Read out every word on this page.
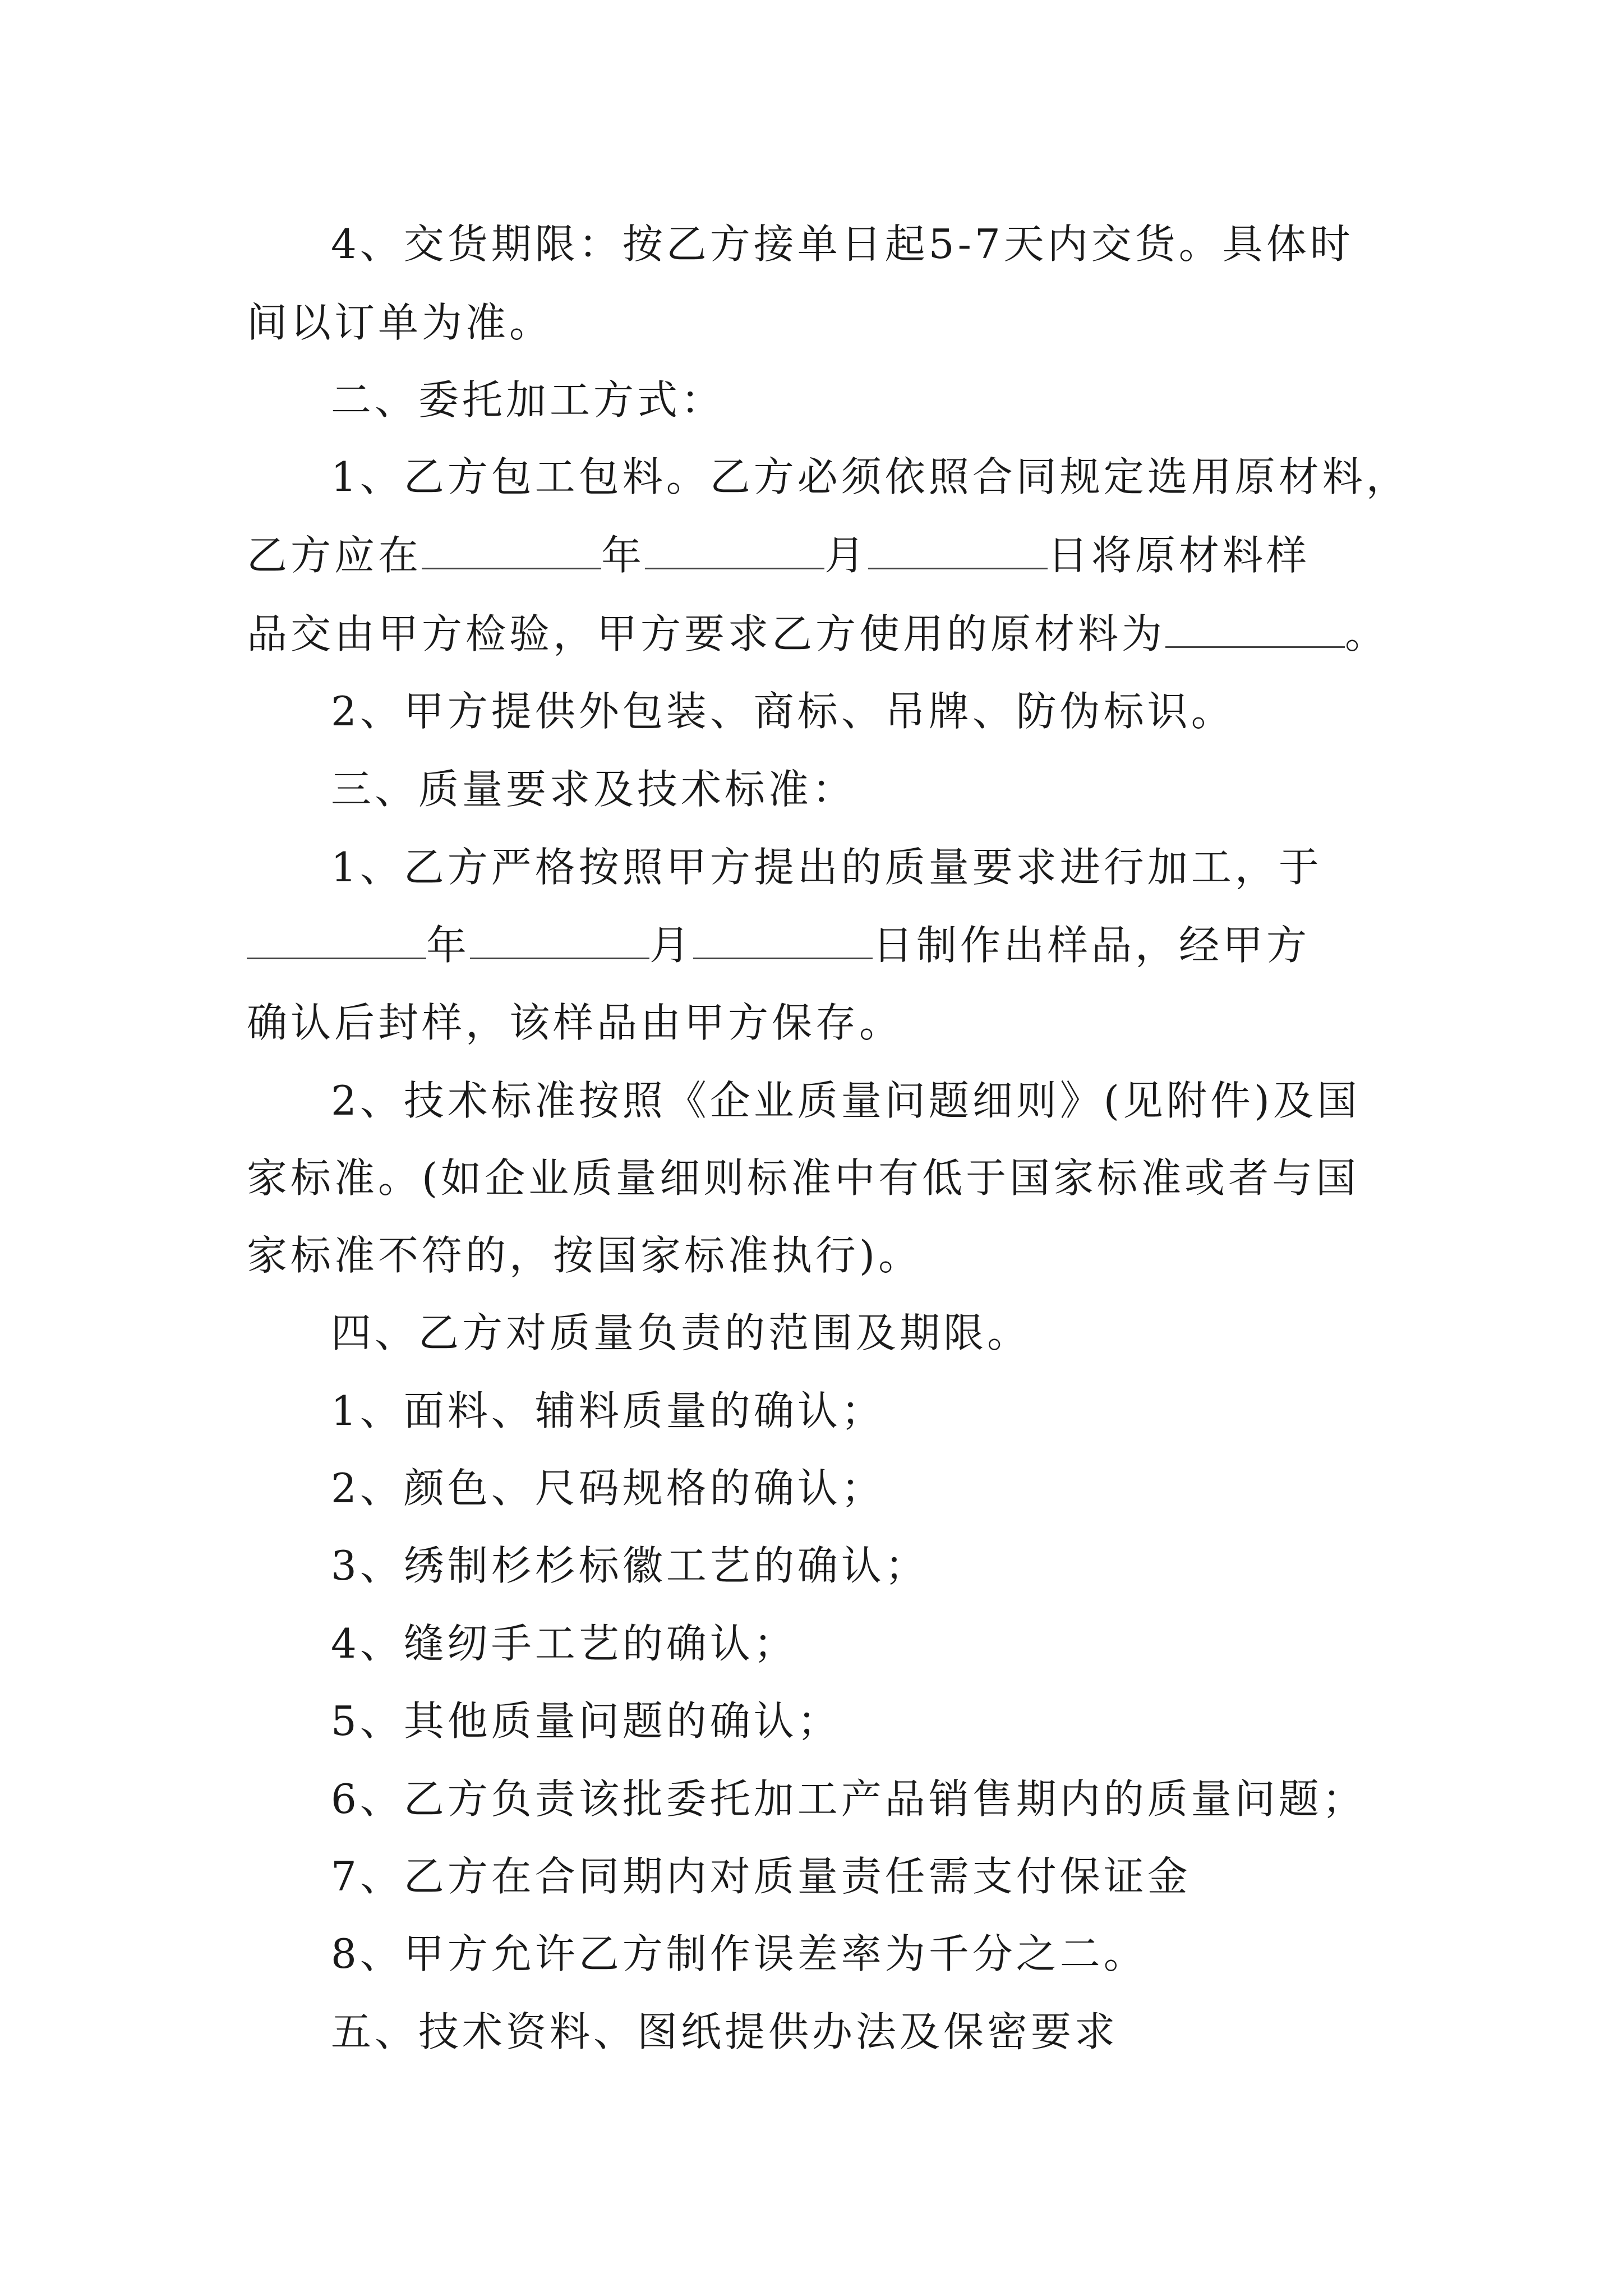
4、交货期限：按乙方接单日起5-7天内交货。具体时
间以订单为准。
二、委托加工方式：
1、乙方包工包料。乙方必须依照合同规定选用原材料，
乙方应在	年	月	日将原材料样
品交由甲方检验，甲方要求乙方使用的原材料为	。
2、甲方提供外包装、商标、吊牌、防伪标识。
三、质量要求及技术标准：
1、乙方严格按照甲方提出的质量要求进行加工，于
年	月	日制作出样品，经甲方
确认后封样，该样品由甲方保存。
2、技术标准按照《企业质量问题细则》(见附件)及国
家标准。(如企业质量细则标准中有低于国家标准或者与国
家标准不符的，按国家标准执行)。
四、乙方对质量负责的范围及期限。
1、面料、辅料质量的确认；
2、颜色、尺码规格的确认；
3、绣制杉杉标徽工艺的确认；
4、缝纫手工艺的确认；
5、其他质量问题的确认；
6、乙方负责该批委托加工产品销售期内的质量问题；
7、乙方在合同期内对质量责任需支付保证金
8、甲方允许乙方制作误差率为千分之二。
五、技术资料、图纸提供办法及保密要求
